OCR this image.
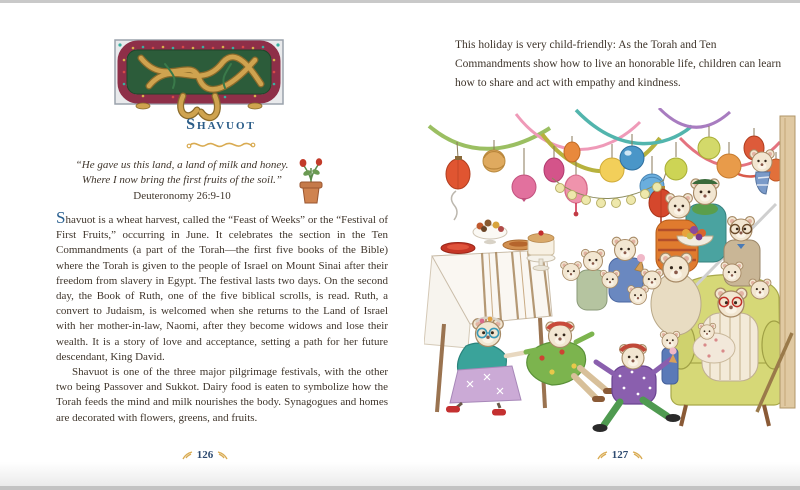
Shavuot
“He gave us this land, a land of milk and honey.
Where I now bring the first fruits of the soil.”
Deuteronomy 26:9-10

Shavuot is a wheat harvest, called the “Feast of Weeks” or the “Festival of First Fruits,” occurring in June. It celebrates the section in the Ten Commandments (a part of the Torah—the first five books of the Bible) where the Torah is given to the people of Israel on Mount Sinai after their freedom from slavery in Egypt. The festival lasts two days. On the second day, the Book of Ruth, one of the five biblical scrolls, is read. Ruth, a convert to Judaism, is welcomed when she returns to the Land of Israel with her mother-in-law, Naomi, after they become widows and lose their wealth. It is a story of love and acceptance, setting a path for her future descendant, King David.

Shavuot is one of the three major pilgrimage festivals, with the other two being Passover and Sukkot. Dairy food is eaten to symbolize how the Torah feeds the mind and milk nourishes the body. Synagogues and homes are decorated with flowers, greens, and fruits.

126
This holiday is very child-friendly: As the Torah and Ten Commandments show how to live an honorable life, children can learn how to share and act with empathy and kindness.
127
